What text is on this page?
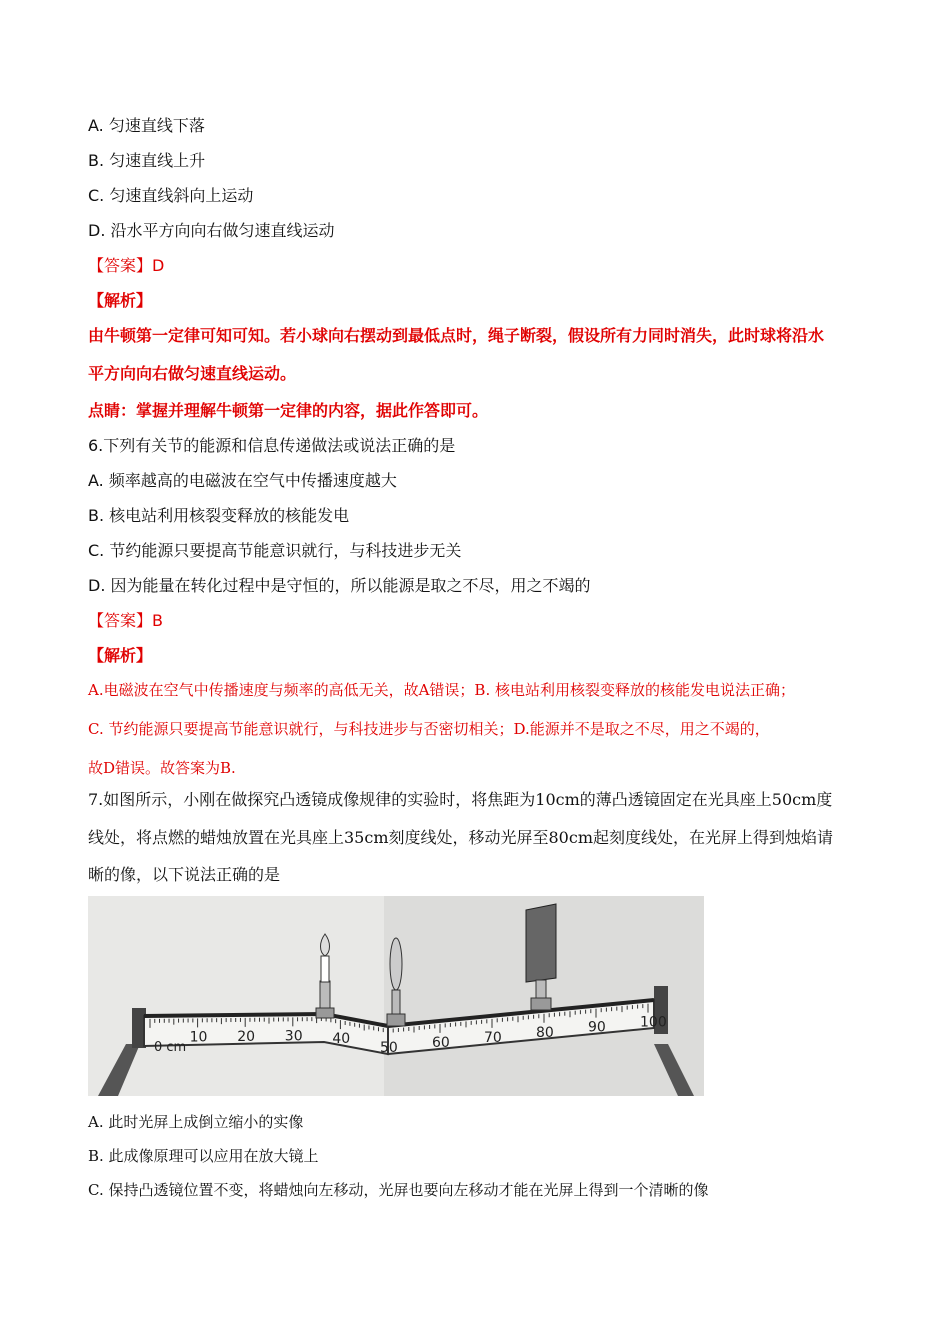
A. 匀速直线下落
B. 匀速直线上升
C. 匀速直线斜向上运动
D. 沿水平方向向右做匀速直线运动
【答案】D
【解析】
由牛顿第一定律可知可知。若小球向右摆动到最低点时，绳子断裂，假设所有力同时消失，此时球将沿水
平方向向右做匀速直线运动。
点睛：掌握并理解牛顿第一定律的内容，据此作答即可。
6.下列有关节的能源和信息传递做法或说法正确的是
A. 频率越高的电磁波在空气中传播速度越大
B. 核电站利用核裂变释放的核能发电
C. 节约能源只要提高节能意识就行，与科技进步无关
D. 因为能量在转化过程中是守恒的，所以能源是取之不尽，用之不竭的
【答案】B
【解析】
A.电磁波在空气中传播速度与频率的高低无关，故A错误；B. 核电站利用核裂变释放的核能发电说法正确；
C. 节约能源只要提高节能意识就行，与科技进步与否密切相关；D.能源并不是取之不尽，用之不竭的，
故D错误。故答案为B.
7.如图所示，小刚在做探究凸透镜成像规律的实验时，将焦距为10cm的薄凸透镜固定在光具座上50cm度
线处，将点燃的蜡烛放置在光具座上35cm刻度线处，移动光屏至80cm起刻度线处，在光屏上得到烛焰请
晰的像，以下说法正确的是
0 cm
10 20 30 40
50 60 70 80 90 100
A. 此时光屏上成倒立缩小的实像
B. 此成像原理可以应用在放大镜上
C. 保持凸透镜位置不变，将蜡烛向左移动，光屏也要向左移动才能在光屏上得到一个清晰的像
